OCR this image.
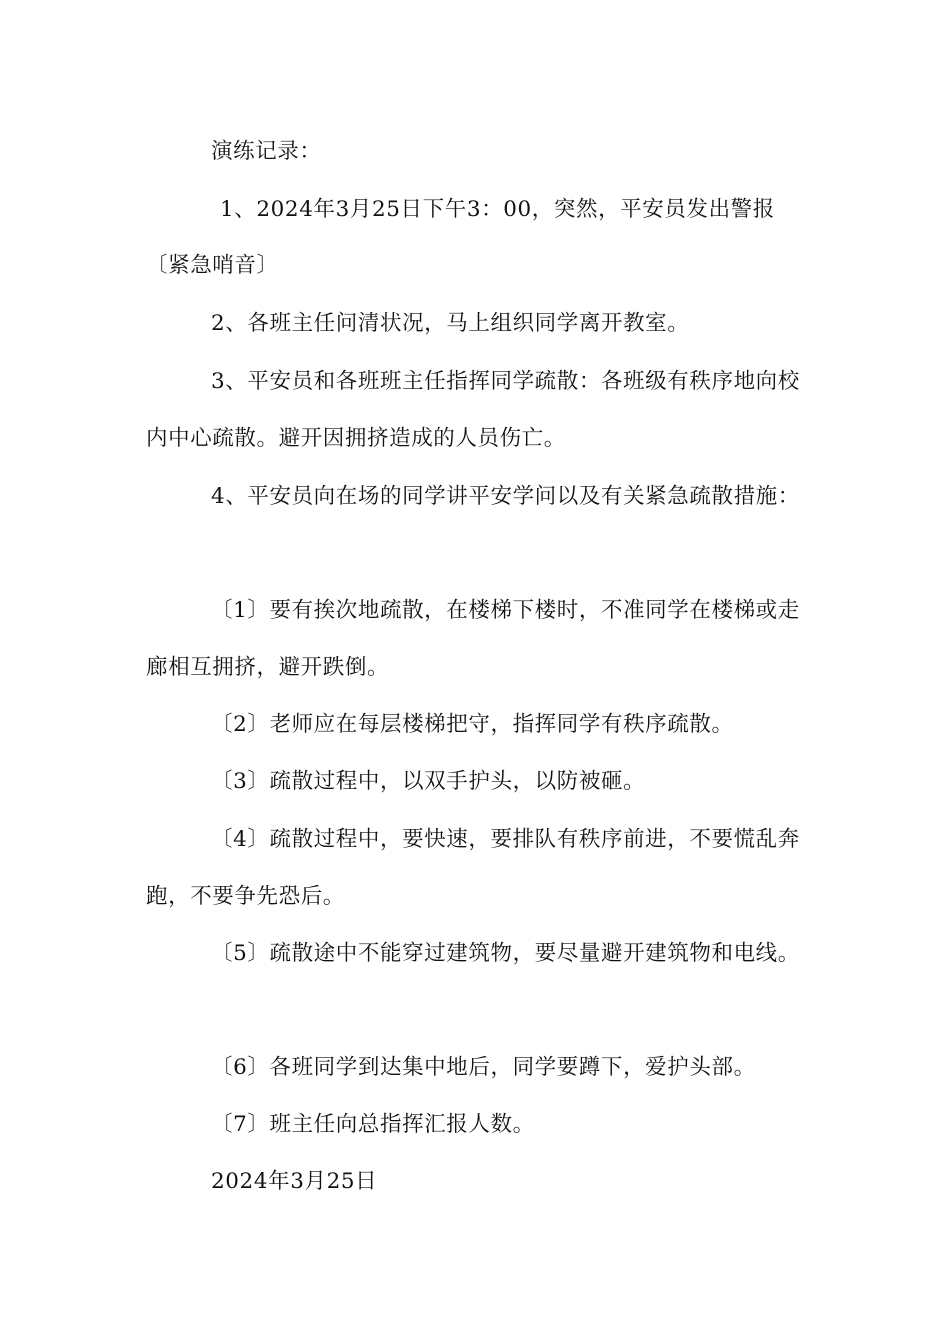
演练记录：
1、2024年3月25日下午3：00，突然，平安员发出警报
〔紧急哨音〕
2、各班主任问清状况，马上组织同学离开教室。
3、平安员和各班班主任指挥同学疏散：各班级有秩序地向校
内中心疏散。避开因拥挤造成的人员伤亡。
4、平安员向在场的同学讲平安学问以及有关紧急疏散措施：
〔1〕要有挨次地疏散，在楼梯下楼时，不准同学在楼梯或走
廊相互拥挤，避开跌倒。
〔2〕老师应在每层楼梯把守，指挥同学有秩序疏散。
〔3〕疏散过程中，以双手护头，以防被砸。
〔4〕疏散过程中，要快速，要排队有秩序前进，不要慌乱奔
跑，不要争先恐后。
〔5〕疏散途中不能穿过建筑物，要尽量避开建筑物和电线。
〔6〕各班同学到达集中地后，同学要蹲下，爱护头部。
〔7〕班主任向总指挥汇报人数。
2024年3月25日
